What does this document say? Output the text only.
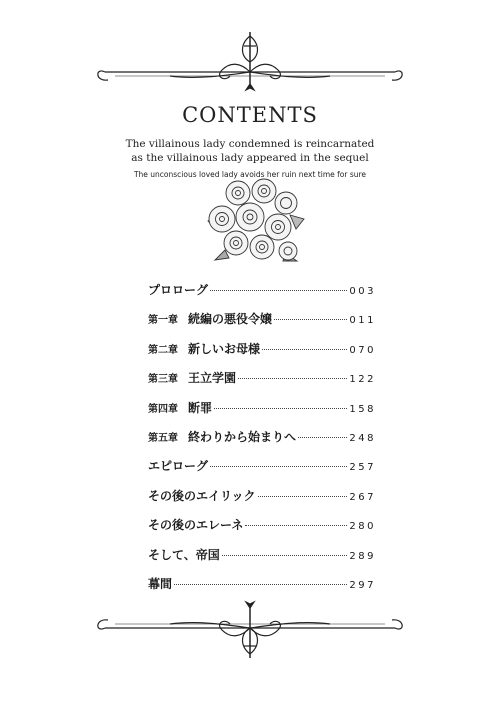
CONTENTS
The villainous lady condemned is reincarnated
as the villainous lady appeared in the sequel
The unconscious loved lady avoids her ruin next time for sure
プロローグ	003
第一章 続編の悪役令嬢	011
第二章 新しいお母様	070
第三章 王立学園	122
第四章 断罪	158
第五章 終わりから始まりへ	248
エピローグ	257
その後のエイリック	267
その後のエレーネ	280
そして、帝国	289
幕間	297
